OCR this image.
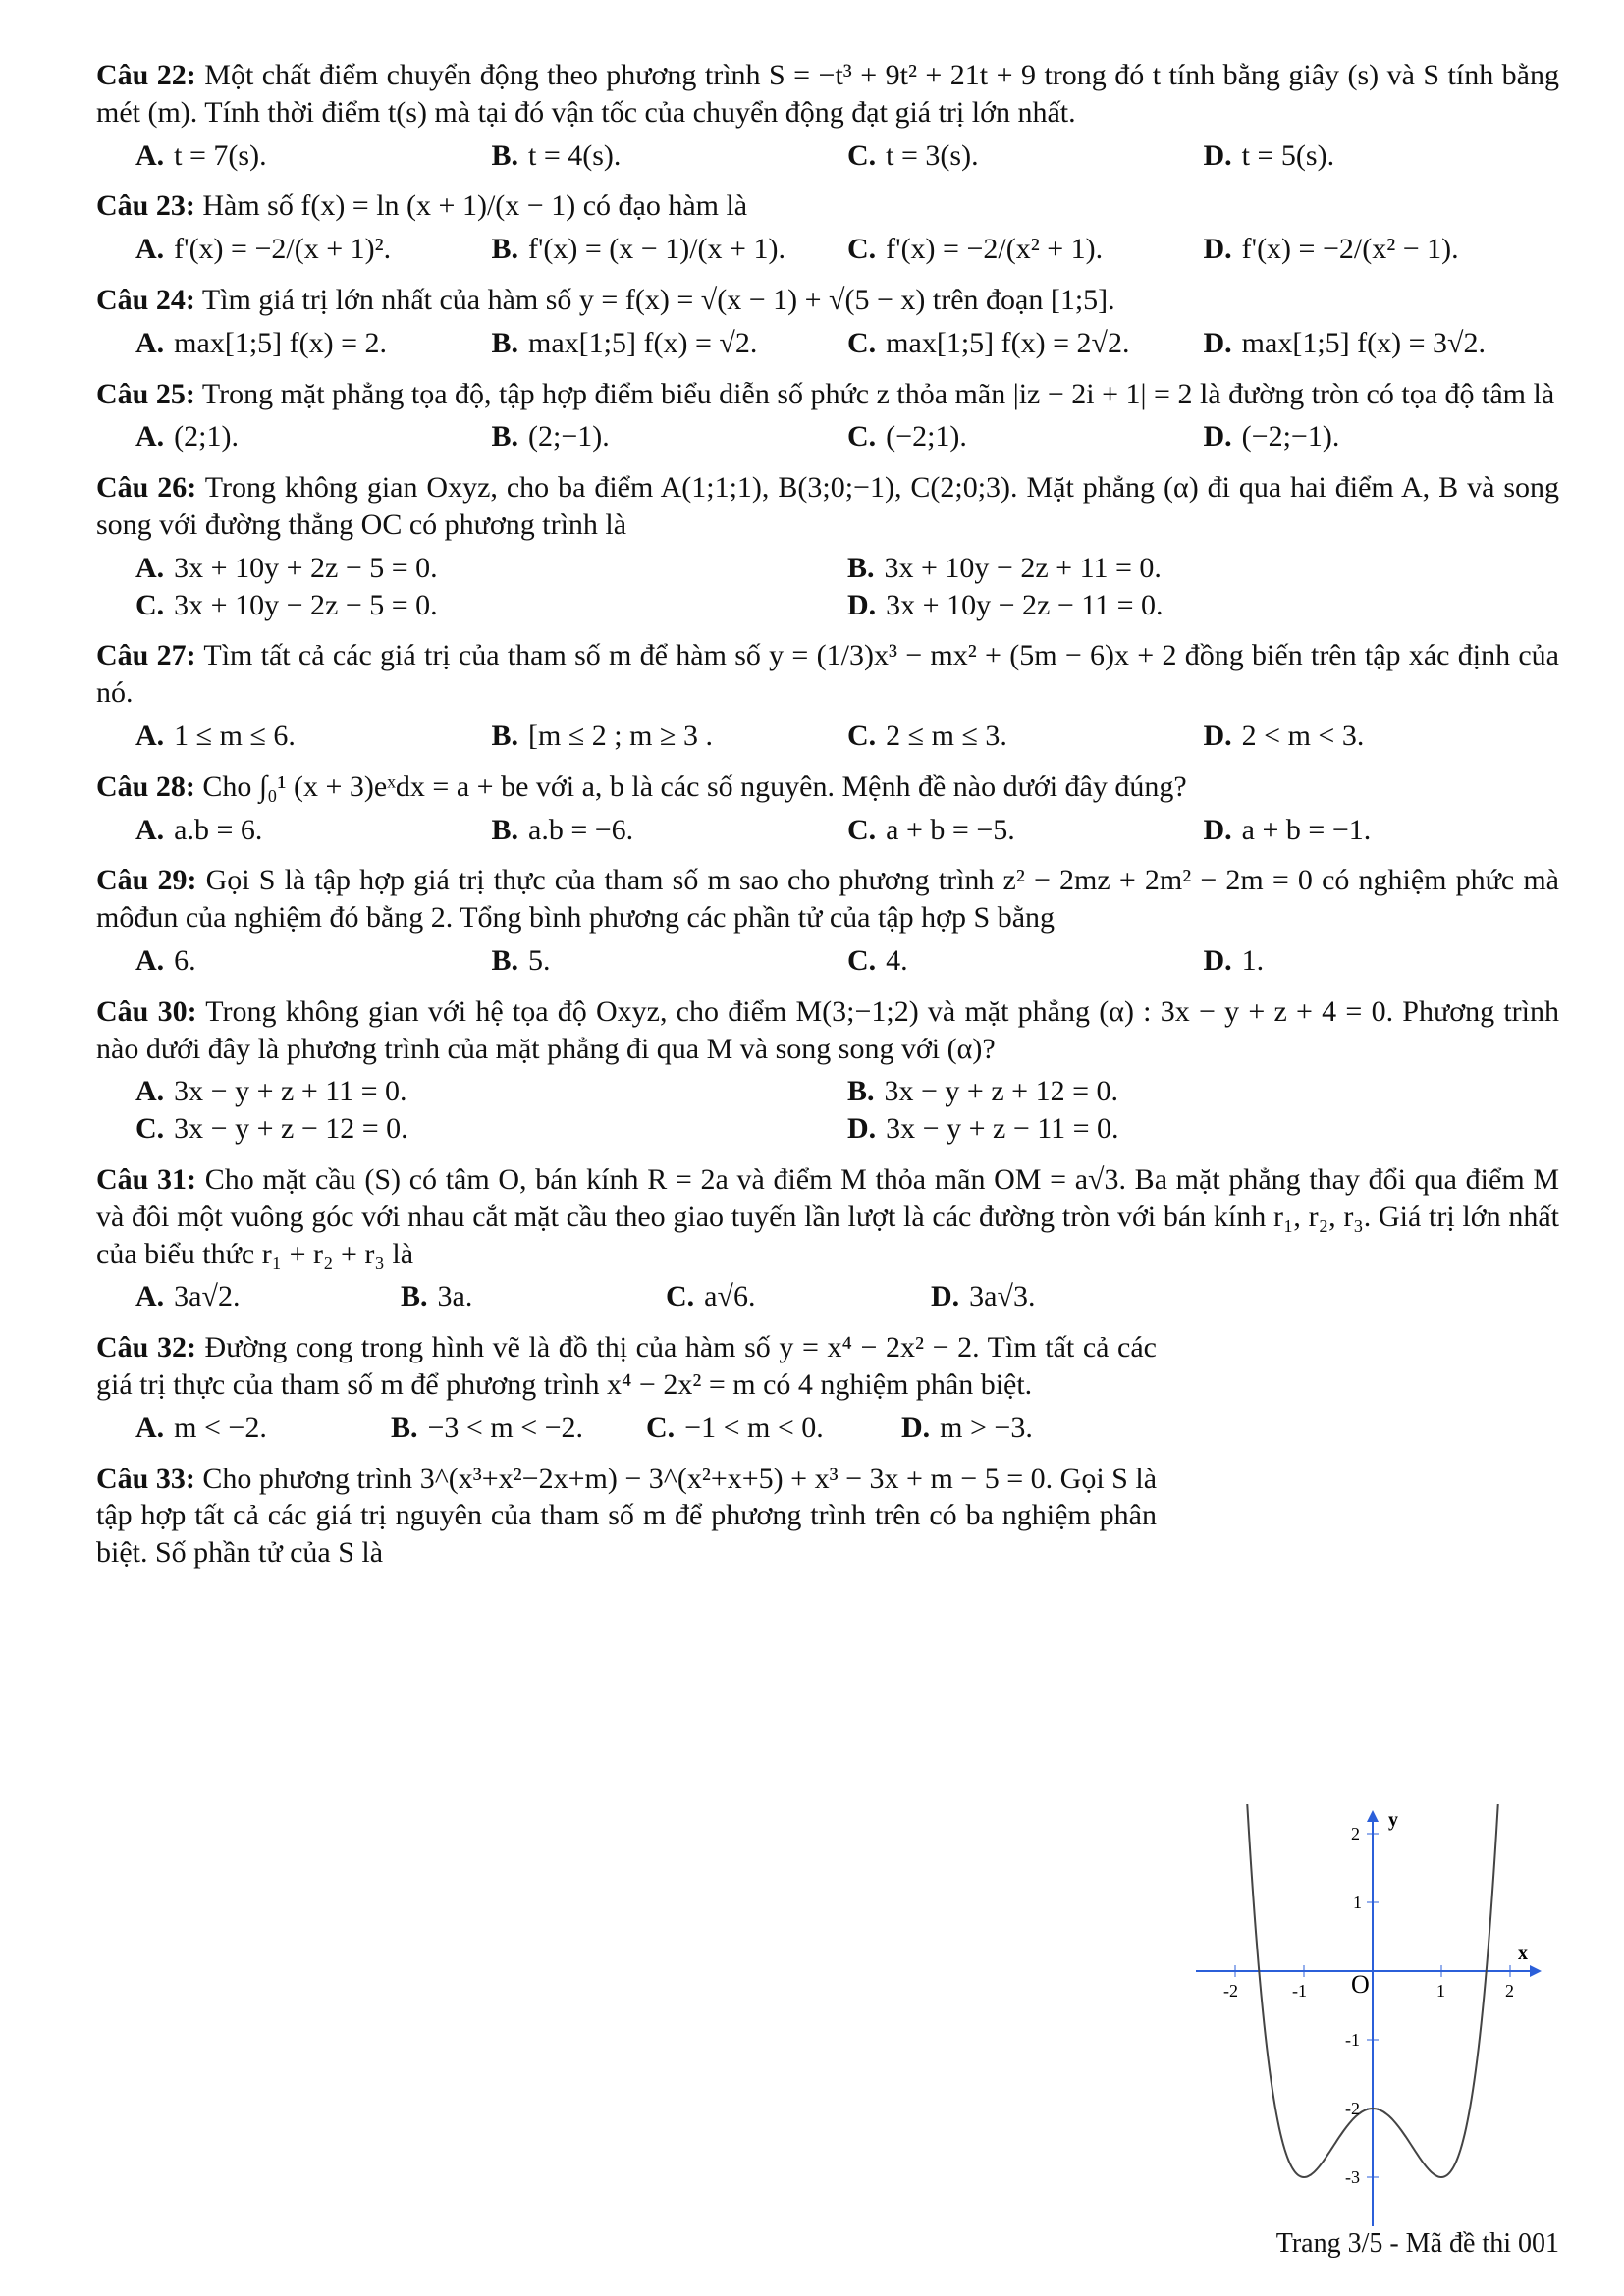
Câu 22: Một chất điểm chuyển động theo phương trình S = −t³ + 9t² + 21t + 9 trong đó t tính bằng giây (s) và S tính bằng mét (m). Tính thời điểm t(s) mà tại đó vận tốc của chuyển động đạt giá trị lớn nhất.
A. t = 7(s).	B. t = 4(s).	C. t = 3(s).	D. t = 5(s).
Câu 23: Hàm số f(x) = ln (x + 1)/(x − 1) có đạo hàm là
A. f'(x) = −2/(x + 1)².	B. f'(x) = (x − 1)/(x + 1).	C. f'(x) = −2/(x² + 1).	D. f'(x) = −2/(x² − 1).
Câu 24: Tìm giá trị lớn nhất của hàm số y = f(x) = √(x − 1) + √(5 − x) trên đoạn [1;5].
A. max[1;5] f(x) = 2.	B. max[1;5] f(x) = √2.	C. max[1;5] f(x) = 2√2.	D. max[1;5] f(x) = 3√2.
Câu 25: Trong mặt phẳng tọa độ, tập hợp điểm biểu diễn số phức z thỏa mãn |iz − 2i + 1| = 2 là đường tròn có tọa độ tâm là
A. (2;1).	B. (2;−1).	C. (−2;1).	D. (−2;−1).
Câu 26: Trong không gian Oxyz, cho ba điểm A(1;1;1), B(3;0;−1), C(2;0;3). Mặt phẳng (α) đi qua hai điểm A, B và song song với đường thẳng OC có phương trình là
A. 3x + 10y + 2z − 5 = 0.	B. 3x + 10y − 2z + 11 = 0.
C. 3x + 10y − 2z − 5 = 0.	D. 3x + 10y − 2z − 11 = 0.
Câu 27: Tìm tất cả các giá trị của tham số m để hàm số y = (1/3)x³ − mx² + (5m − 6)x + 2 đồng biến trên tập xác định của nó.
A. 1 ≤ m ≤ 6.	B. [m ≤ 2 ; m ≥ 3 .	C. 2 ≤ m ≤ 3.	D. 2 < m < 3.
Câu 28: Cho ∫₀¹ (x + 3)eˣdx = a + be với a, b là các số nguyên. Mệnh đề nào dưới đây đúng?
A. a.b = 6.	B. a.b = −6.	C. a + b = −5.	D. a + b = −1.
Câu 29: Gọi S là tập hợp giá trị thực của tham số m sao cho phương trình z² − 2mz + 2m² − 2m = 0 có nghiệm phức mà môđun của nghiệm đó bằng 2. Tổng bình phương các phần tử của tập hợp S bằng
A. 6.	B. 5.	C. 4.	D. 1.
Câu 30: Trong không gian với hệ tọa độ Oxyz, cho điểm M(3;−1;2) và mặt phẳng (α) : 3x − y + z + 4 = 0. Phương trình nào dưới đây là phương trình của mặt phẳng đi qua M và song song với (α)?
A. 3x − y + z + 11 = 0.	B. 3x − y + z + 12 = 0.
C. 3x − y + z − 12 = 0.	D. 3x − y + z − 11 = 0.
Câu 31: Cho mặt cầu (S) có tâm O, bán kính R = 2a và điểm M thỏa mãn OM = a√3. Ba mặt phẳng thay đổi qua điểm M và đôi một vuông góc với nhau cắt mặt cầu theo giao tuyến lần lượt là các đường tròn với bán kính r₁, r₂, r₃. Giá trị lớn nhất của biểu thức r₁ + r₂ + r₃ là
A. 3a√2.	B. 3a.	C. a√6.	D. 3a√3.
Câu 32: Đường cong trong hình vẽ là đồ thị của hàm số y = x⁴ − 2x² − 2. Tìm tất cả các giá trị thực của tham số m để phương trình x⁴ − 2x² = m có 4 nghiệm phân biệt.
A. m < −2.	B. −3 < m < −2.	C. −1 < m < 0.	D. m > −3.
Câu 33: Cho phương trình 3^(x³+x²−2x+m) − 3^(x²+x+5) + x³ − 3x + m − 5 = 0. Gọi S là tập hợp tất cả các giá trị nguyên của tham số m để phương trình trên có ba nghiệm phân biệt. Số phần tử của S là
x
y
O
-2	-1	1	2
2
1
-1
-2
-3
Trang 3/5 - Mã đề thi 001
